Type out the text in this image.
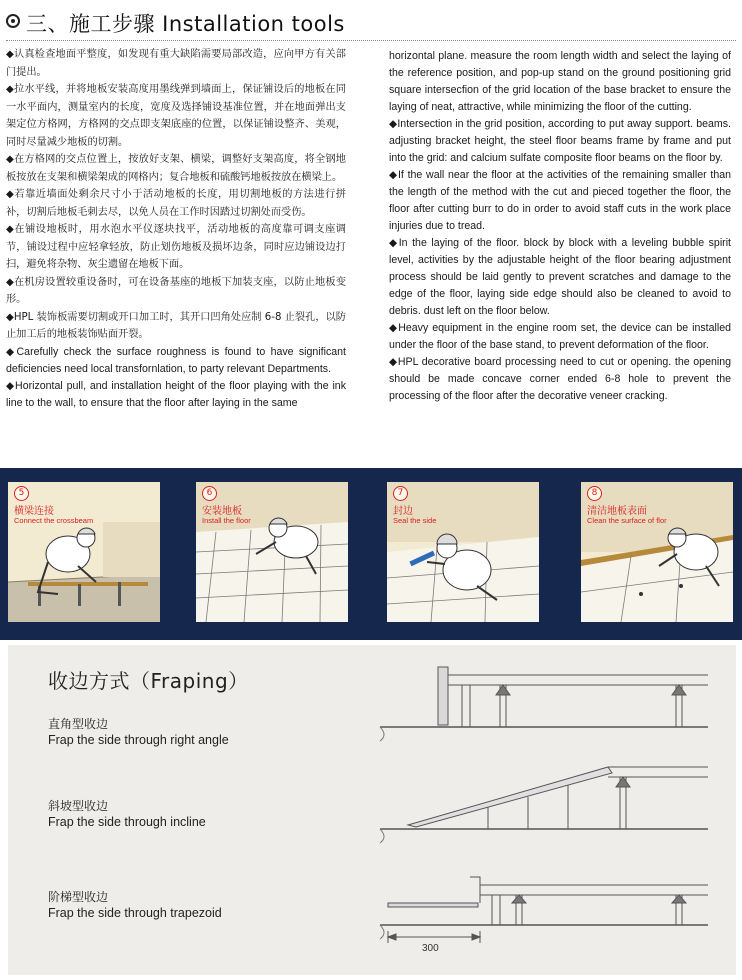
三、施工步骤 Installation tools

◆认真检查地面平整度，如发现有重大缺陷需要局部改造，应向甲方有关部门提出。

◆拉水平线，并将地板安装高度用墨线弹到墙面上，保证铺设后的地板在同一水平面内，测量室内的长度，宽度及选择铺设基准位置，并在地面弹出支架定位方格网，方格网的交点即支架底座的位置，以保证铺设整齐、美观，同时尽量减少地板的切割。

◆在方格网的交点位置上，按放好支架、横梁，调整好支架高度，将全钢地板按放在支架和横梁架成的网格内；复合地板和硫酸钙地板按放在横梁上。

◆若靠近墙面处剩余尺寸小于活动地板的长度，用切割地板的方法进行拼补，切割后地板毛刺去尽，以免人员在工作时因踏过切割处而受伤。

◆在铺设地板时，用水泡水平仪逐块找平，活动地板的高度靠可调支座调节，铺设过程中应轻拿轻放，防止划伤地板及损坏边条，同时应边铺设边打扫，避免将杂物、灰尘遗留在地板下面。

◆在机房设置较重设备时，可在设备基座的地板下加装支座，以防止地板变形。

◆HPL 装饰板需要切割或开口加工时，其开口凹角处应制 6-8 止裂孔，以防止加工后的地板装饰贴面开裂。

◆Carefully check the surface roughness is found to have significant deficiencies need local transfornlation, to party relevant Departments.

◆Horizontal pull, and installation height of the floor playing with the ink line to the wall, to ensure that the floor after laying in the same

horizontal plane. measure the room length width and select the laying of the reference position, and pop-up stand on the ground positioning grid square intersecfion of the grid location of the base bracket to ensure the laying of neat, attractive, while minimizing the floor of the cutting.

◆Intersection in the grid position, according to put away support. beams. adjusting bracket height, the steel floor beams frame by frame and put into the grid: and calcium sulfate composite floor beams on the floor by.

◆If the wall near the floor at the activities of the remaining smaller than the length of the method with the cut and pieced together the floor, the floor after cutting burr to do in order to avoid staff cuts in the work place injuries due to tread.

◆In the laying of the floor. block by block with a leveling bubble spirit level, activities by the adjustable height of the floor bearing adjustment process should be laid gently to prevent scratches and damage to the edge of the floor, laying side edge should also be cleaned to avoid to debris. dust left on the floor below.

◆Heavy equipment in the engine room set, the device can be installed under the floor of the base stand, to prevent deformation of the floor.

◆HPL decorative board processing need to cut or opening. the opening should be made concave corner ended 6-8 hole to prevent the processing of the floor after the decorative veneer cracking.

5
横梁连接
Connect the crossbeam
6
安装地板
Install the floor
7
封边
Seal the side
8
清洁地板表面
Clean the surface of flor
收边方式（Fraping）
直角型收边
Frap the side through right angle
斜坡型收边
Frap the side through incline
阶梯型收边
Frap the side through trapezoid
300
